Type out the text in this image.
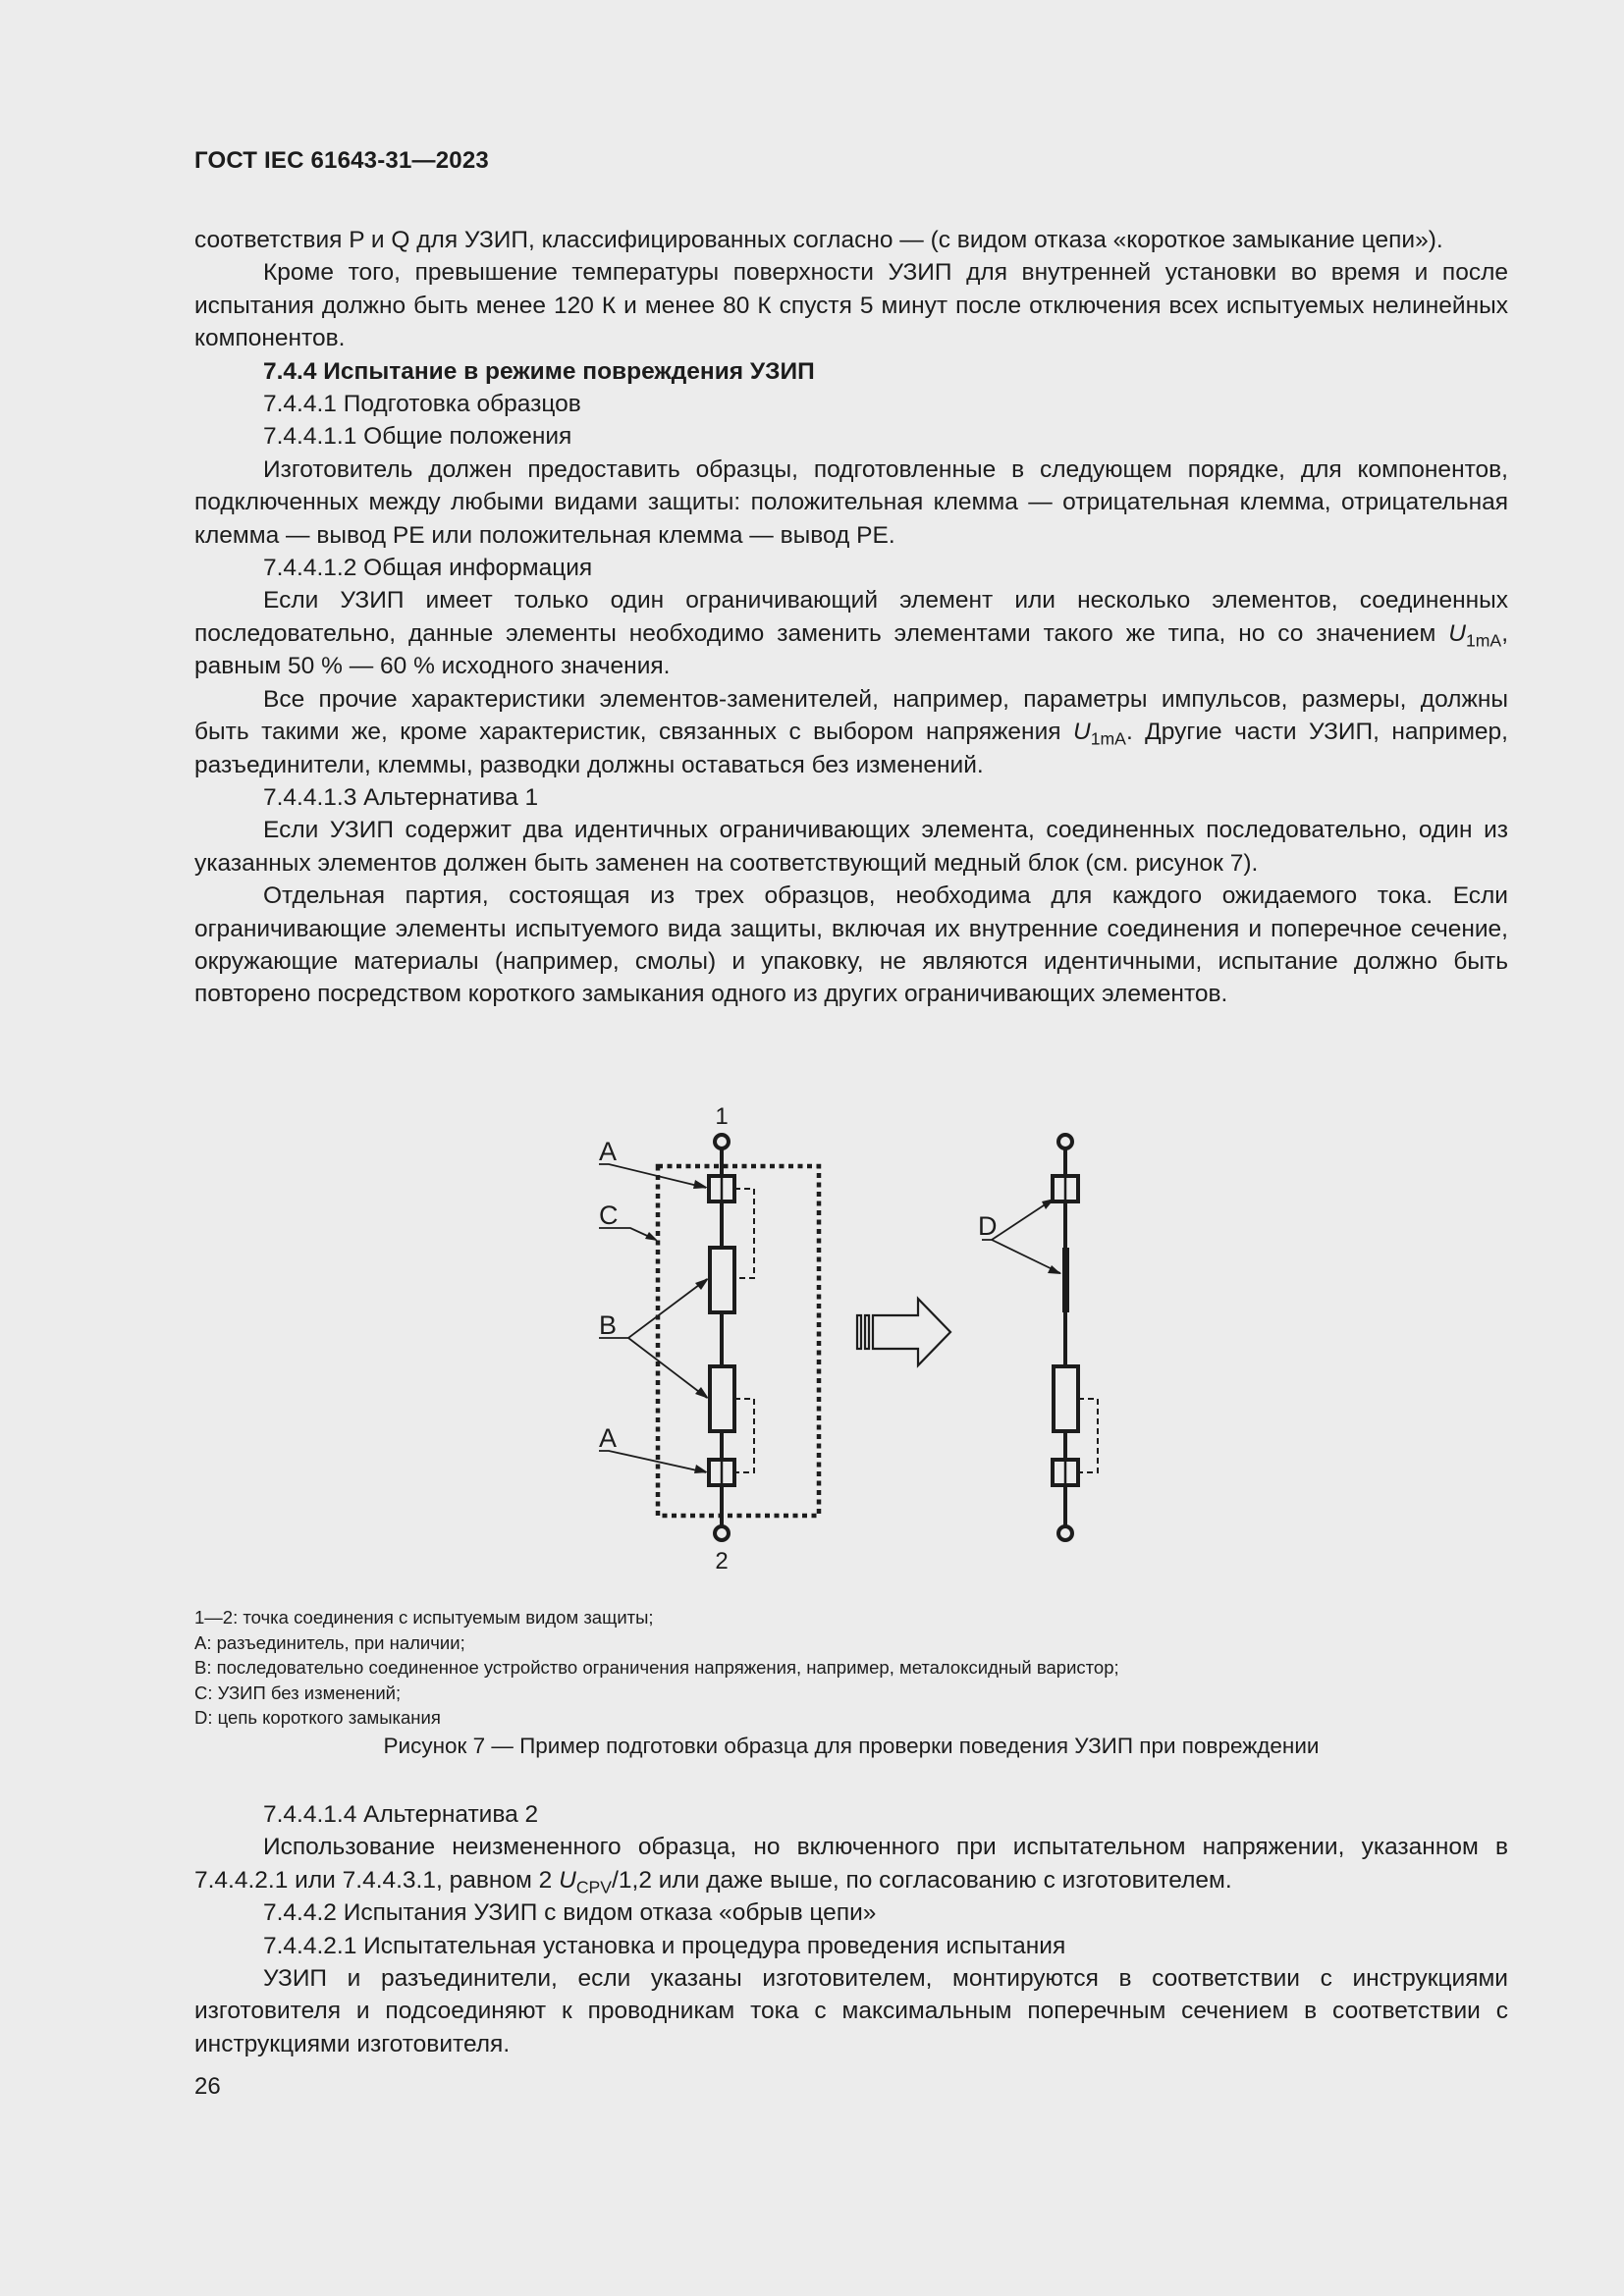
ГОСТ IEC 61643-31—2023

соответствия P и Q для УЗИП, классифицированных согласно — (с видом отказа «короткое замыкание цепи»).

Кроме того, превышение температуры поверхности УЗИП для внутренней установки во время и после испытания должно быть менее 120 К и менее 80 К спустя 5 минут после отключения всех испытуемых нелинейных компонентов.

7.4.4 Испытание в режиме повреждения УЗИП

7.4.4.1 Подготовка образцов

7.4.4.1.1 Общие положения

Изготовитель должен предоставить образцы, подготовленные в следующем порядке, для компонентов, подключенных между любыми видами защиты: положительная клемма — отрицательная клемма, отрицательная клемма — вывод PE или положительная клемма — вывод PE.

7.4.4.1.2 Общая информация

Если УЗИП имеет только один ограничивающий элемент или несколько элементов, соединенных последовательно, данные элементы необходимо заменить элементами такого же типа, но со значением $U_{1mA}$, равным 50 % — 60 % исходного значения.

Все прочие характеристики элементов-заменителей, например, параметры импульсов, размеры, должны быть такими же, кроме характеристик, связанных с выбором напряжения $U_{1mA}$. Другие части УЗИП, например, разъединители, клеммы, разводки должны оставаться без изменений.

7.4.4.1.3 Альтернатива 1

Если УЗИП содержит два идентичных ограничивающих элемента, соединенных последовательно, один из указанных элементов должен быть заменен на соответствующий медный блок (см. рисунок 7).

Отдельная партия, состоящая из трех образцов, необходима для каждого ожидаемого тока. Если ограничивающие элементы испытуемого вида защиты, включая их внутренние соединения и поперечное сечение, окружающие материалы (например, смолы) и упаковку, не являются идентичными, испытание должно быть повторено посредством короткого замыкания одного из других ограничивающих элементов.

1
2
A
C
B
A
D
1—2: точка соединения с испытуемым видом защиты;
A: разъединитель, при наличии;
B: последовательно соединенное устройство ограничения напряжения, например, металоксидный варистор;
C: УЗИП без изменений;
D: цепь короткого замыкания
Рисунок 7 — Пример подготовки образца для проверки поведения УЗИП при повреждении

7.4.4.1.4 Альтернатива 2

Использование неизмененного образца, но включенного при испытательном напряжении, указанном в 7.4.4.2.1 или 7.4.4.3.1, равном 2 $U_{CPV}/1,2$ или даже выше, по согласованию с изготовителем.

7.4.4.2 Испытания УЗИП с видом отказа «обрыв цепи»

7.4.4.2.1 Испытательная установка и процедура проведения испытания

УЗИП и разъединители, если указаны изготовителем, монтируются в соответствии с инструкциями изготовителя и подсоединяют к проводникам тока с максимальным поперечным сечением в соответствии с инструкциями изготовителя.

26
